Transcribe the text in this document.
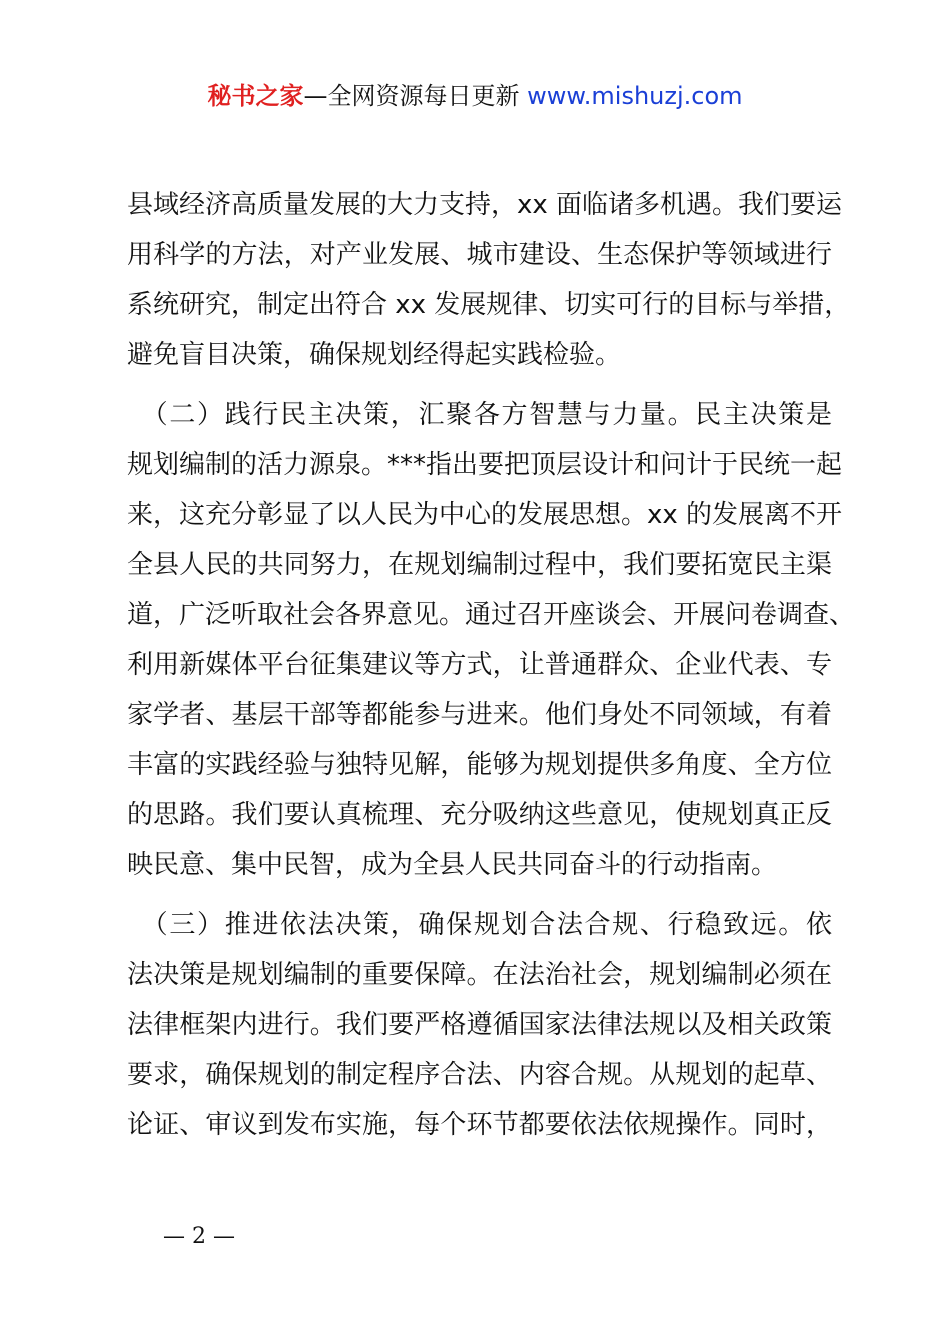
秘书之家—全网资源每日更新 www.mishuzj.com
县域经济高质量发展的大力支持，xx 面临诸多机遇。我们要运
用科学的方法，对产业发展、城市建设、生态保护等领域进行
系统研究，制定出符合 xx 发展规律、切实可行的目标与举措，
避免盲目决策，确保规划经得起实践检验。
　（二）践行民主决策，汇聚各方智慧与力量。民主决策是
规划编制的活力源泉。***指出要把顶层设计和问计于民统一起
来，这充分彰显了以人民为中心的发展思想。xx 的发展离不开
全县人民的共同努力，在规划编制过程中，我们要拓宽民主渠
道，广泛听取社会各界意见。通过召开座谈会、开展问卷调查、
利用新媒体平台征集建议等方式，让普通群众、企业代表、专
家学者、基层干部等都能参与进来。他们身处不同领域，有着
丰富的实践经验与独特见解，能够为规划提供多角度、全方位
的思路。我们要认真梳理、充分吸纳这些意见，使规划真正反
映民意、集中民智，成为全县人民共同奋斗的行动指南。
　（三）推进依法决策，确保规划合法合规、行稳致远。依
法决策是规划编制的重要保障。在法治社会，规划编制必须在
法律框架内进行。我们要严格遵循国家法律法规以及相关政策
要求，确保规划的制定程序合法、内容合规。从规划的起草、
论证、审议到发布实施，每个环节都要依法依规操作。同时，
— 2 —
